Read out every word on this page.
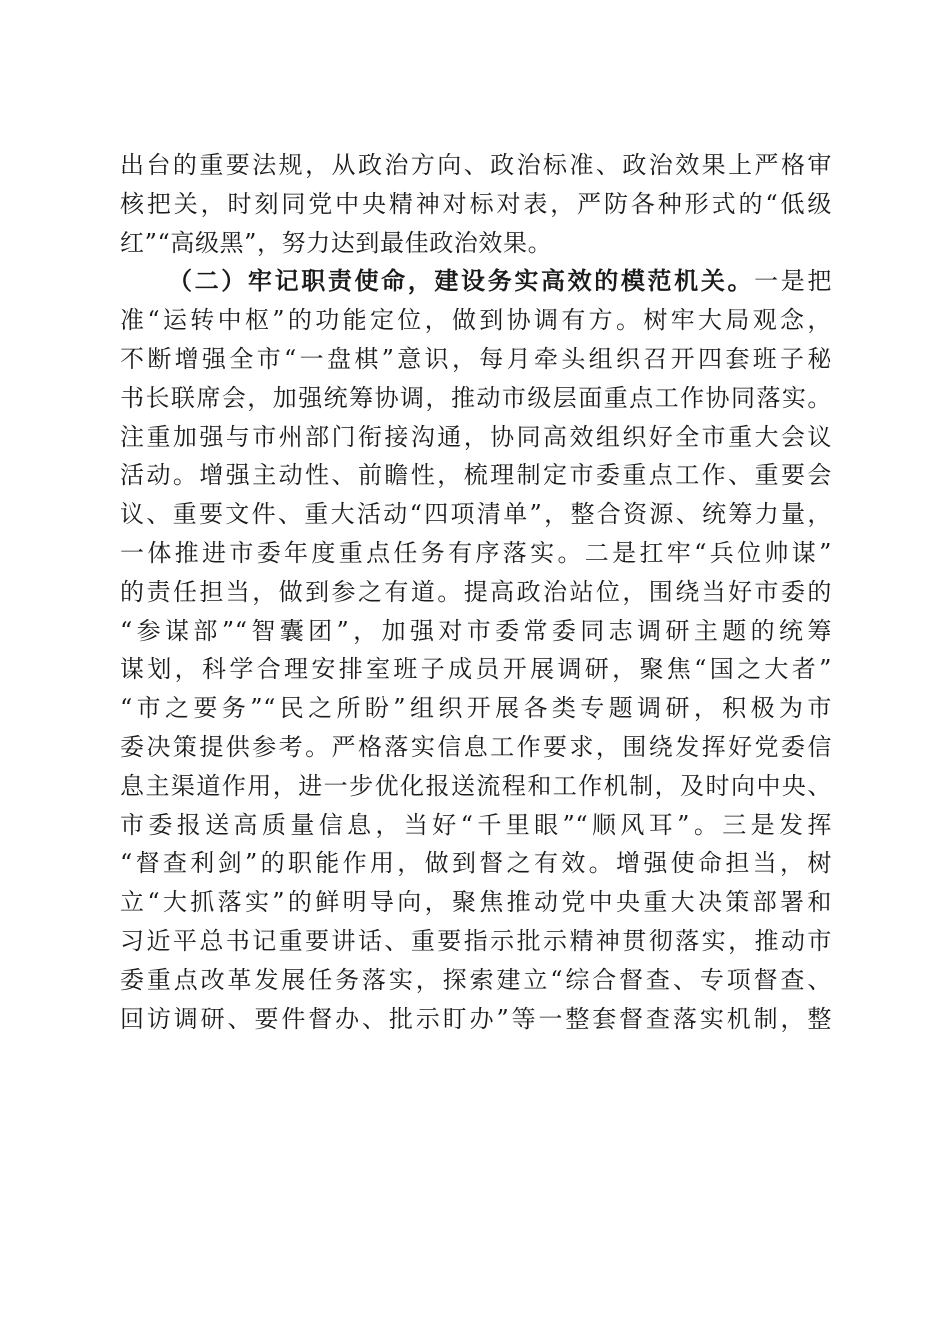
出台的重要法规，从政治方向、政治标准、政治效果上严格审
核把关，时刻同党中央精神对标对表，严防各种形式的“低级
红”“高级黑”，努力达到最佳政治效果。
（二）牢记职责使命，建设务实高效的模范机关。一是把
准“运转中枢”的功能定位，做到协调有方。树牢大局观念，
不断增强全市“一盘棋”意识，每月牵头组织召开四套班子秘
书长联席会，加强统筹协调，推动市级层面重点工作协同落实。
注重加强与市州部门衔接沟通，协同高效组织好全市重大会议
活动。增强主动性、前瞻性，梳理制定市委重点工作、重要会
议、重要文件、重大活动“四项清单”，整合资源、统筹力量，
一体推进市委年度重点任务有序落实。二是扛牢“兵位帅谋”
的责任担当，做到参之有道。提高政治站位，围绕当好市委的
“参谋部”“智囊团”，加强对市委常委同志调研主题的统筹
谋划，科学合理安排室班子成员开展调研，聚焦“国之大者”
“市之要务”“民之所盼”组织开展各类专题调研，积极为市
委决策提供参考。严格落实信息工作要求，围绕发挥好党委信
息主渠道作用，进一步优化报送流程和工作机制，及时向中央、
市委报送高质量信息，当好“千里眼”“顺风耳”。三是发挥
“督查利剑”的职能作用，做到督之有效。增强使命担当，树
立“大抓落实”的鲜明导向，聚焦推动党中央重大决策部署和
习近平总书记重要讲话、重要指示批示精神贯彻落实，推动市
委重点改革发展任务落实，探索建立“综合督查、专项督查、
回访调研、要件督办、批示盯办”等一整套督查落实机制，整
